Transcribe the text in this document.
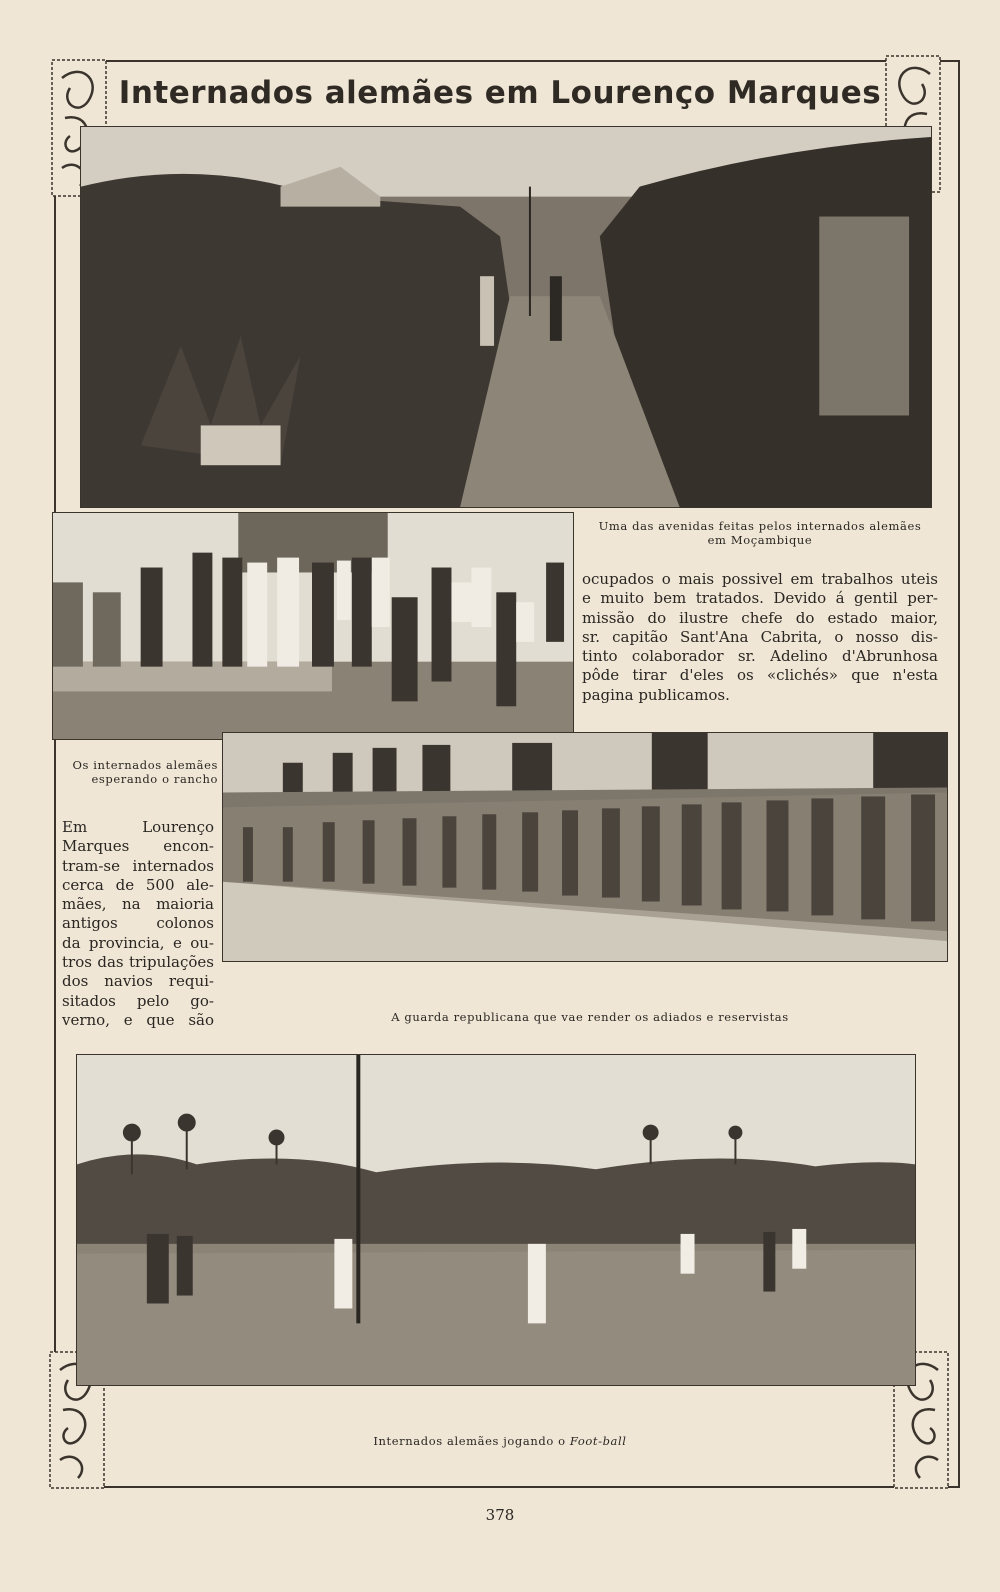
Internados alemães em Lourenço Marques
Uma das avenidas feitas pelos internados alemães
em Moçambique
ocupados o mais possivel em trabalhos uteis
e muito bem tratados. Devido á gentil per-
missão do ilustre chefe do estado maior,
sr. capitão Sant'Ana Cabrita, o nosso dis-
tinto colaborador sr. Adelino d'Abrunhosa
pôde tirar d'eles os «clichés» que n'esta
pagina publicamos.
Os internados alemães
esperando o rancho
Em Lourenço
Marques encon-
tram-se internados
cerca de 500 ale-
mães, na maioria
antigos colonos
da provincia, e ou-
tros das tripulações
dos navios requi-
sitados pelo go-
verno, e que são	A guarda republicana que vae render os adiados e reservistas
Internados alemães jogando o Foot-ball
378
